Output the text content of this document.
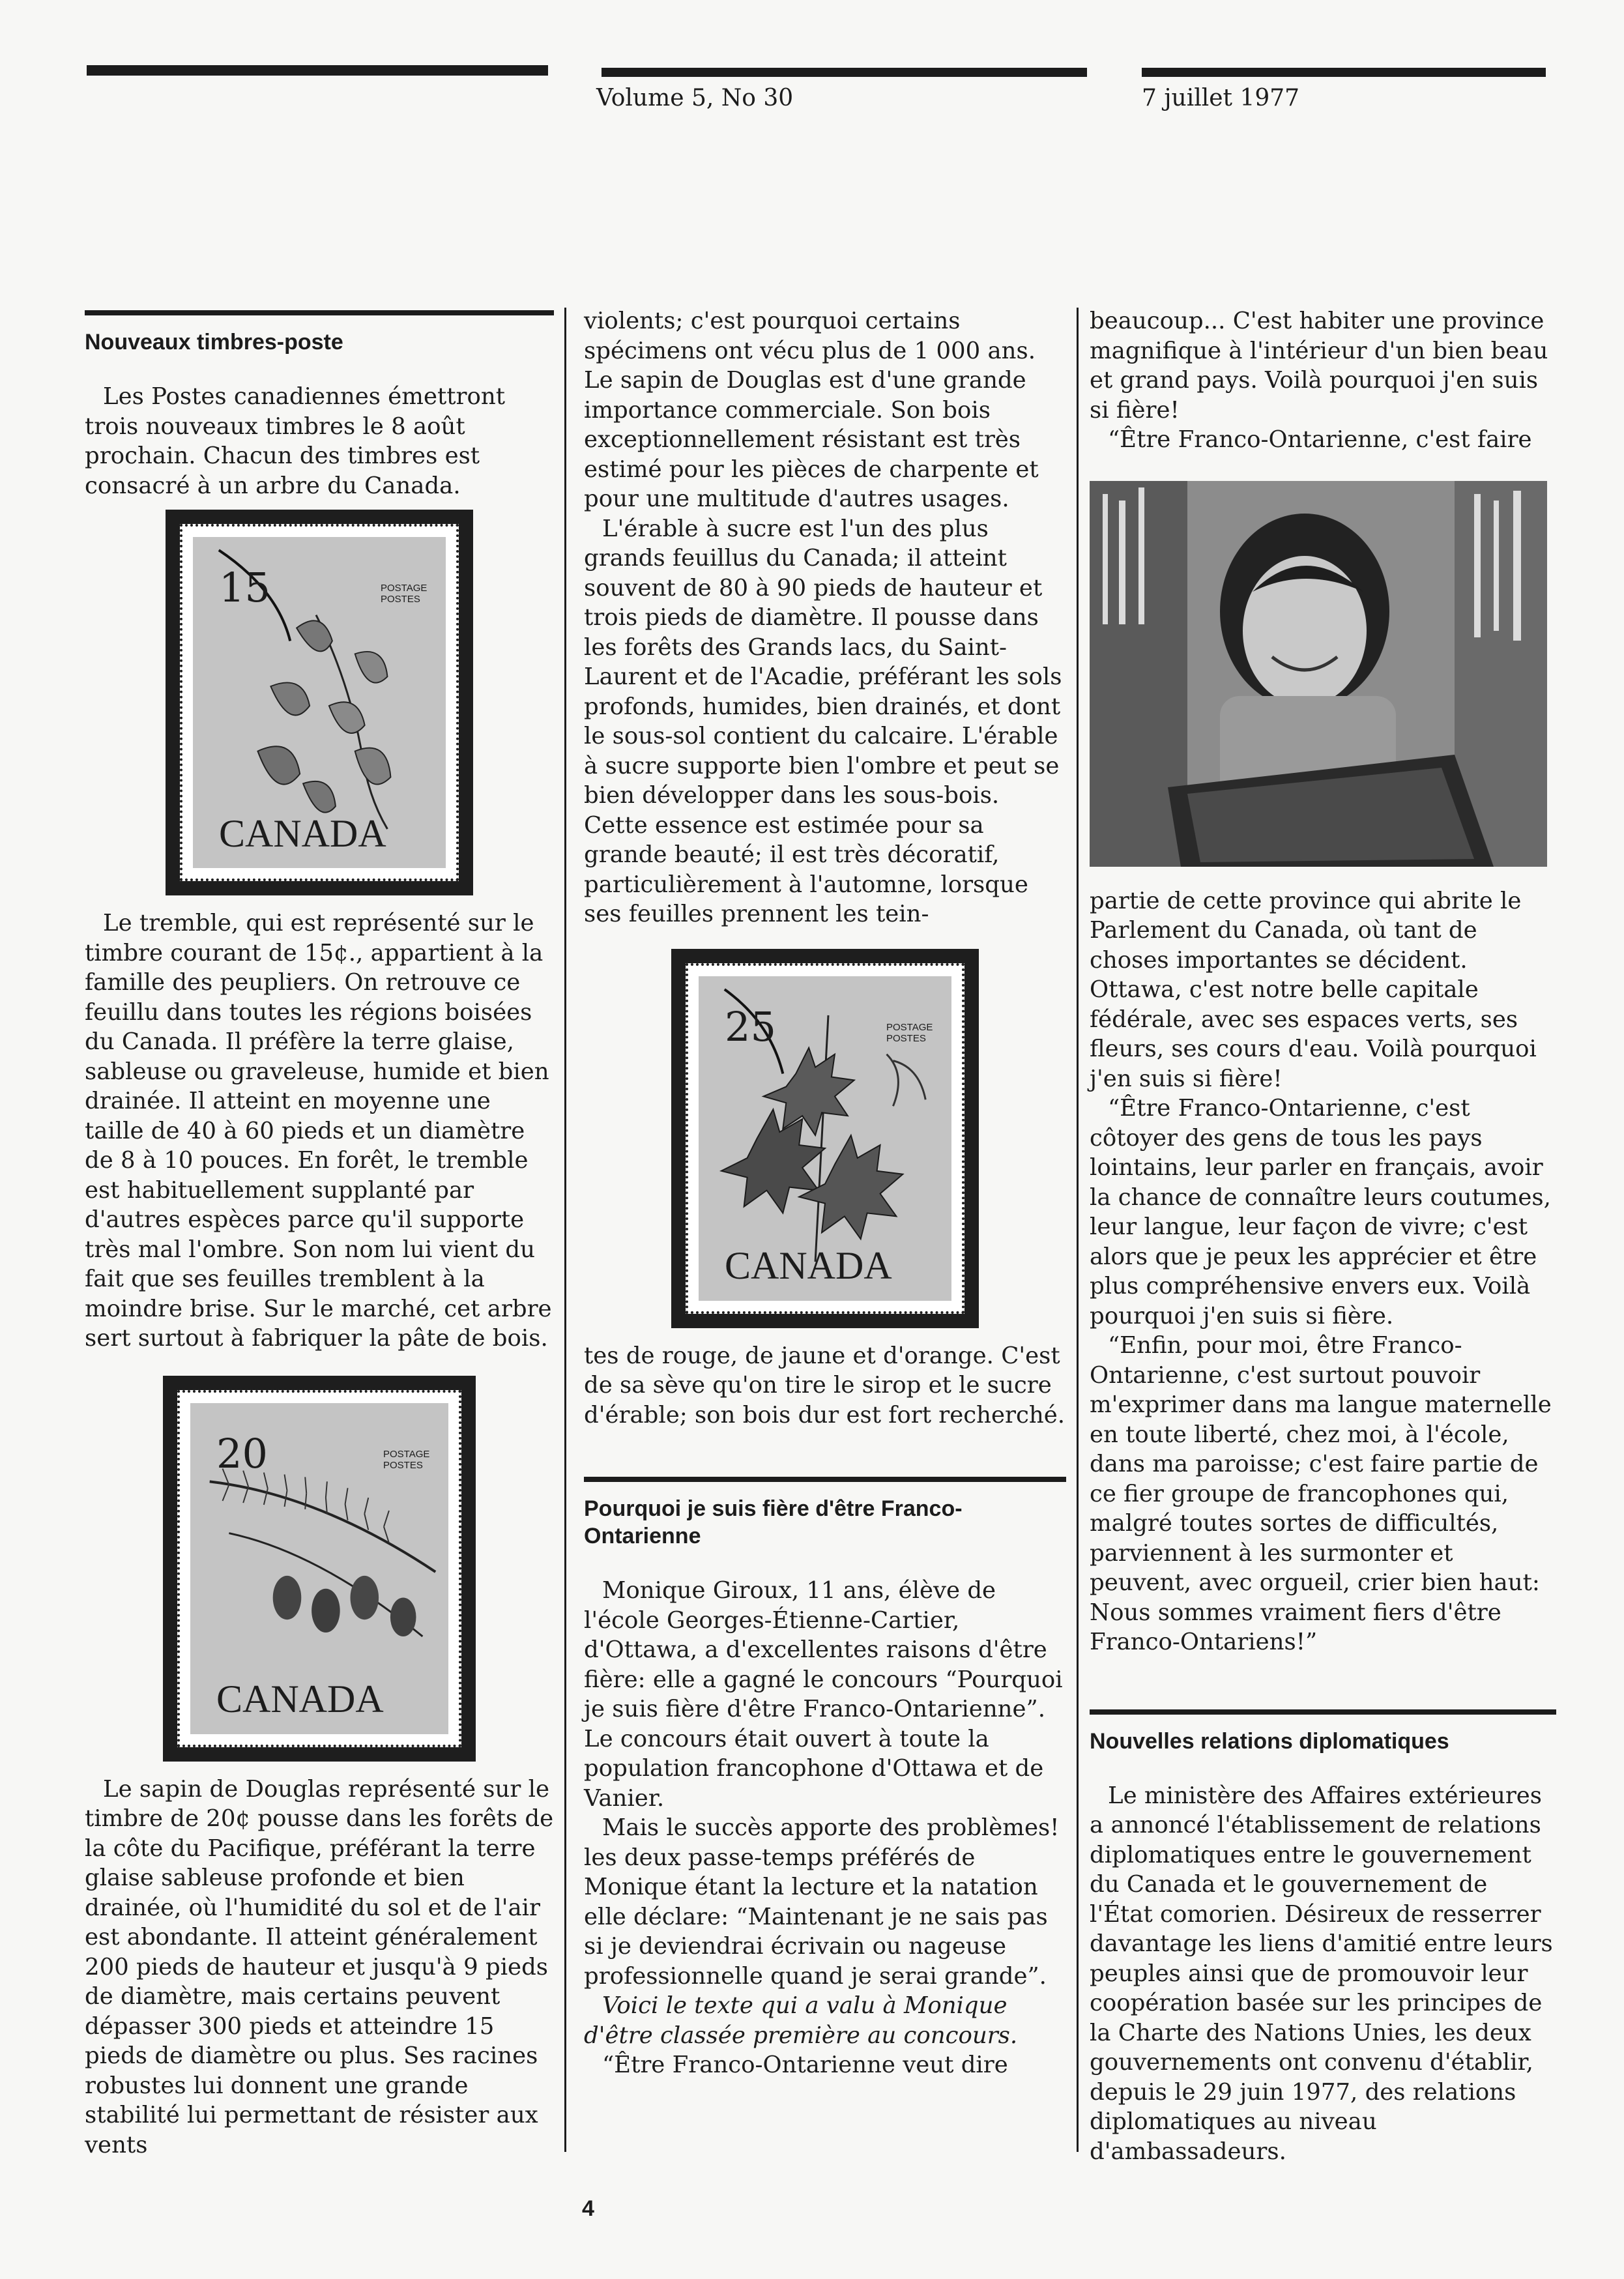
Volume 5, No 30	7 juillet 1977
Nouveaux timbres-poste

Les Postes canadiennes émettront trois nouveaux timbres le 8 août prochain. Chacun des timbres est consacré à un arbre du Canada.

15	POSTAGE POSTES
CANADA

Le tremble, qui est représenté sur le timbre courant de 15¢., appartient à la famille des peupliers. On retrouve ce feuillu dans toutes les régions boisées du Canada. Il préfère la terre glaise, sableuse ou graveleuse, humide et bien drainée. Il atteint en moyenne une taille de 40 à 60 pieds et un diamètre de 8 à 10 pouces. En forêt, le tremble est habituellement supplanté par d'autres espèces parce qu'il supporte très mal l'ombre. Son nom lui vient du fait que ses feuilles tremblent à la moindre brise. Sur le marché, cet arbre sert surtout à fabriquer la pâte de bois.

20	POSTAGE POSTES
CANADA

Le sapin de Douglas représenté sur le timbre de 20¢ pousse dans les forêts de la côte du Pacifique, préférant la terre glaise sableuse profonde et bien drainée, où l'humidité du sol et de l'air est abondante. Il atteint généralement 200 pieds de hauteur et jusqu'à 9 pieds de diamètre, mais certains peuvent dépasser 300 pieds et atteindre 15 pieds de diamètre ou plus. Ses racines robustes lui donnent une grande stabilité lui permettant de résister aux vents

violents; c'est pourquoi certains spécimens ont vécu plus de 1 000 ans. Le sapin de Douglas est d'une grande importance commerciale. Son bois exceptionnellement résistant est très estimé pour les pièces de charpente et pour une multitude d'autres usages.

L'érable à sucre est l'un des plus grands feuillus du Canada; il atteint souvent de 80 à 90 pieds de hauteur et trois pieds de diamètre. Il pousse dans les forêts des Grands lacs, du Saint-Laurent et de l'Acadie, préférant les sols profonds, humides, bien drainés, et dont le sous-sol contient du calcaire. L'érable à sucre supporte bien l'ombre et peut se bien développer dans les sous-bois. Cette essence est estimée pour sa grande beauté; il est très décoratif, particulièrement à l'automne, lorsque ses feuilles prennent les tein-

25	POSTAGE POSTES
CANADA

tes de rouge, de jaune et d'orange. C'est de sa sève qu'on tire le sirop et le sucre d'érable; son bois dur est fort recherché.

Pourquoi je suis fière d'être Franco-Ontarienne

Monique Giroux, 11 ans, élève de l'école Georges-Étienne-Cartier, d'Ottawa, a d'excellentes raisons d'être fière: elle a gagné le concours “Pourquoi je suis fière d'être Franco-Ontarienne”. Le concours était ouvert à toute la population francophone d'Ottawa et de Vanier.

Mais le succès apporte des problèmes! les deux passe-temps préférés de Monique étant la lecture et la natation elle déclare: “Maintenant je ne sais pas si je deviendrai écrivain ou nageuse professionnelle quand je serai grande”.

Voici le texte qui a valu à Monique d'être classée première au concours.

“Être Franco-Ontarienne veut dire

beaucoup... C'est habiter une province magnifique à l'intérieur d'un bien beau et grand pays. Voilà pourquoi j'en suis si fière!

“Être Franco-Ontarienne, c'est faire

partie de cette province qui abrite le Parlement du Canada, où tant de choses importantes se décident. Ottawa, c'est notre belle capitale fédérale, avec ses espaces verts, ses fleurs, ses cours d'eau. Voilà pourquoi j'en suis si fière!

“Être Franco-Ontarienne, c'est côtoyer des gens de tous les pays lointains, leur parler en français, avoir la chance de connaître leurs coutumes, leur langue, leur façon de vivre; c'est alors que je peux les apprécier et être plus compréhensive envers eux. Voilà pourquoi j'en suis si fière.

“Enfin, pour moi, être Franco-Ontarienne, c'est surtout pouvoir m'exprimer dans ma langue maternelle en toute liberté, chez moi, à l'école, dans ma paroisse; c'est faire partie de ce fier groupe de francophones qui, malgré toutes sortes de difficultés, parviennent à les surmonter et peuvent, avec orgueil, crier bien haut: Nous sommes vraiment fiers d'être Franco-Ontariens!”

Nouvelles relations diplomatiques

Le ministère des Affaires extérieures a annoncé l'établissement de relations diplomatiques entre le gouvernement du Canada et le gouvernement de l'État comorien. Désireux de resserrer davantage les liens d'amitié entre leurs peuples ainsi que de promouvoir leur coopération basée sur les principes de la Charte des Nations Unies, les deux gouvernements ont convenu d'établir, depuis le 29 juin 1977, des relations diplomatiques au niveau d'ambassadeurs.

4
